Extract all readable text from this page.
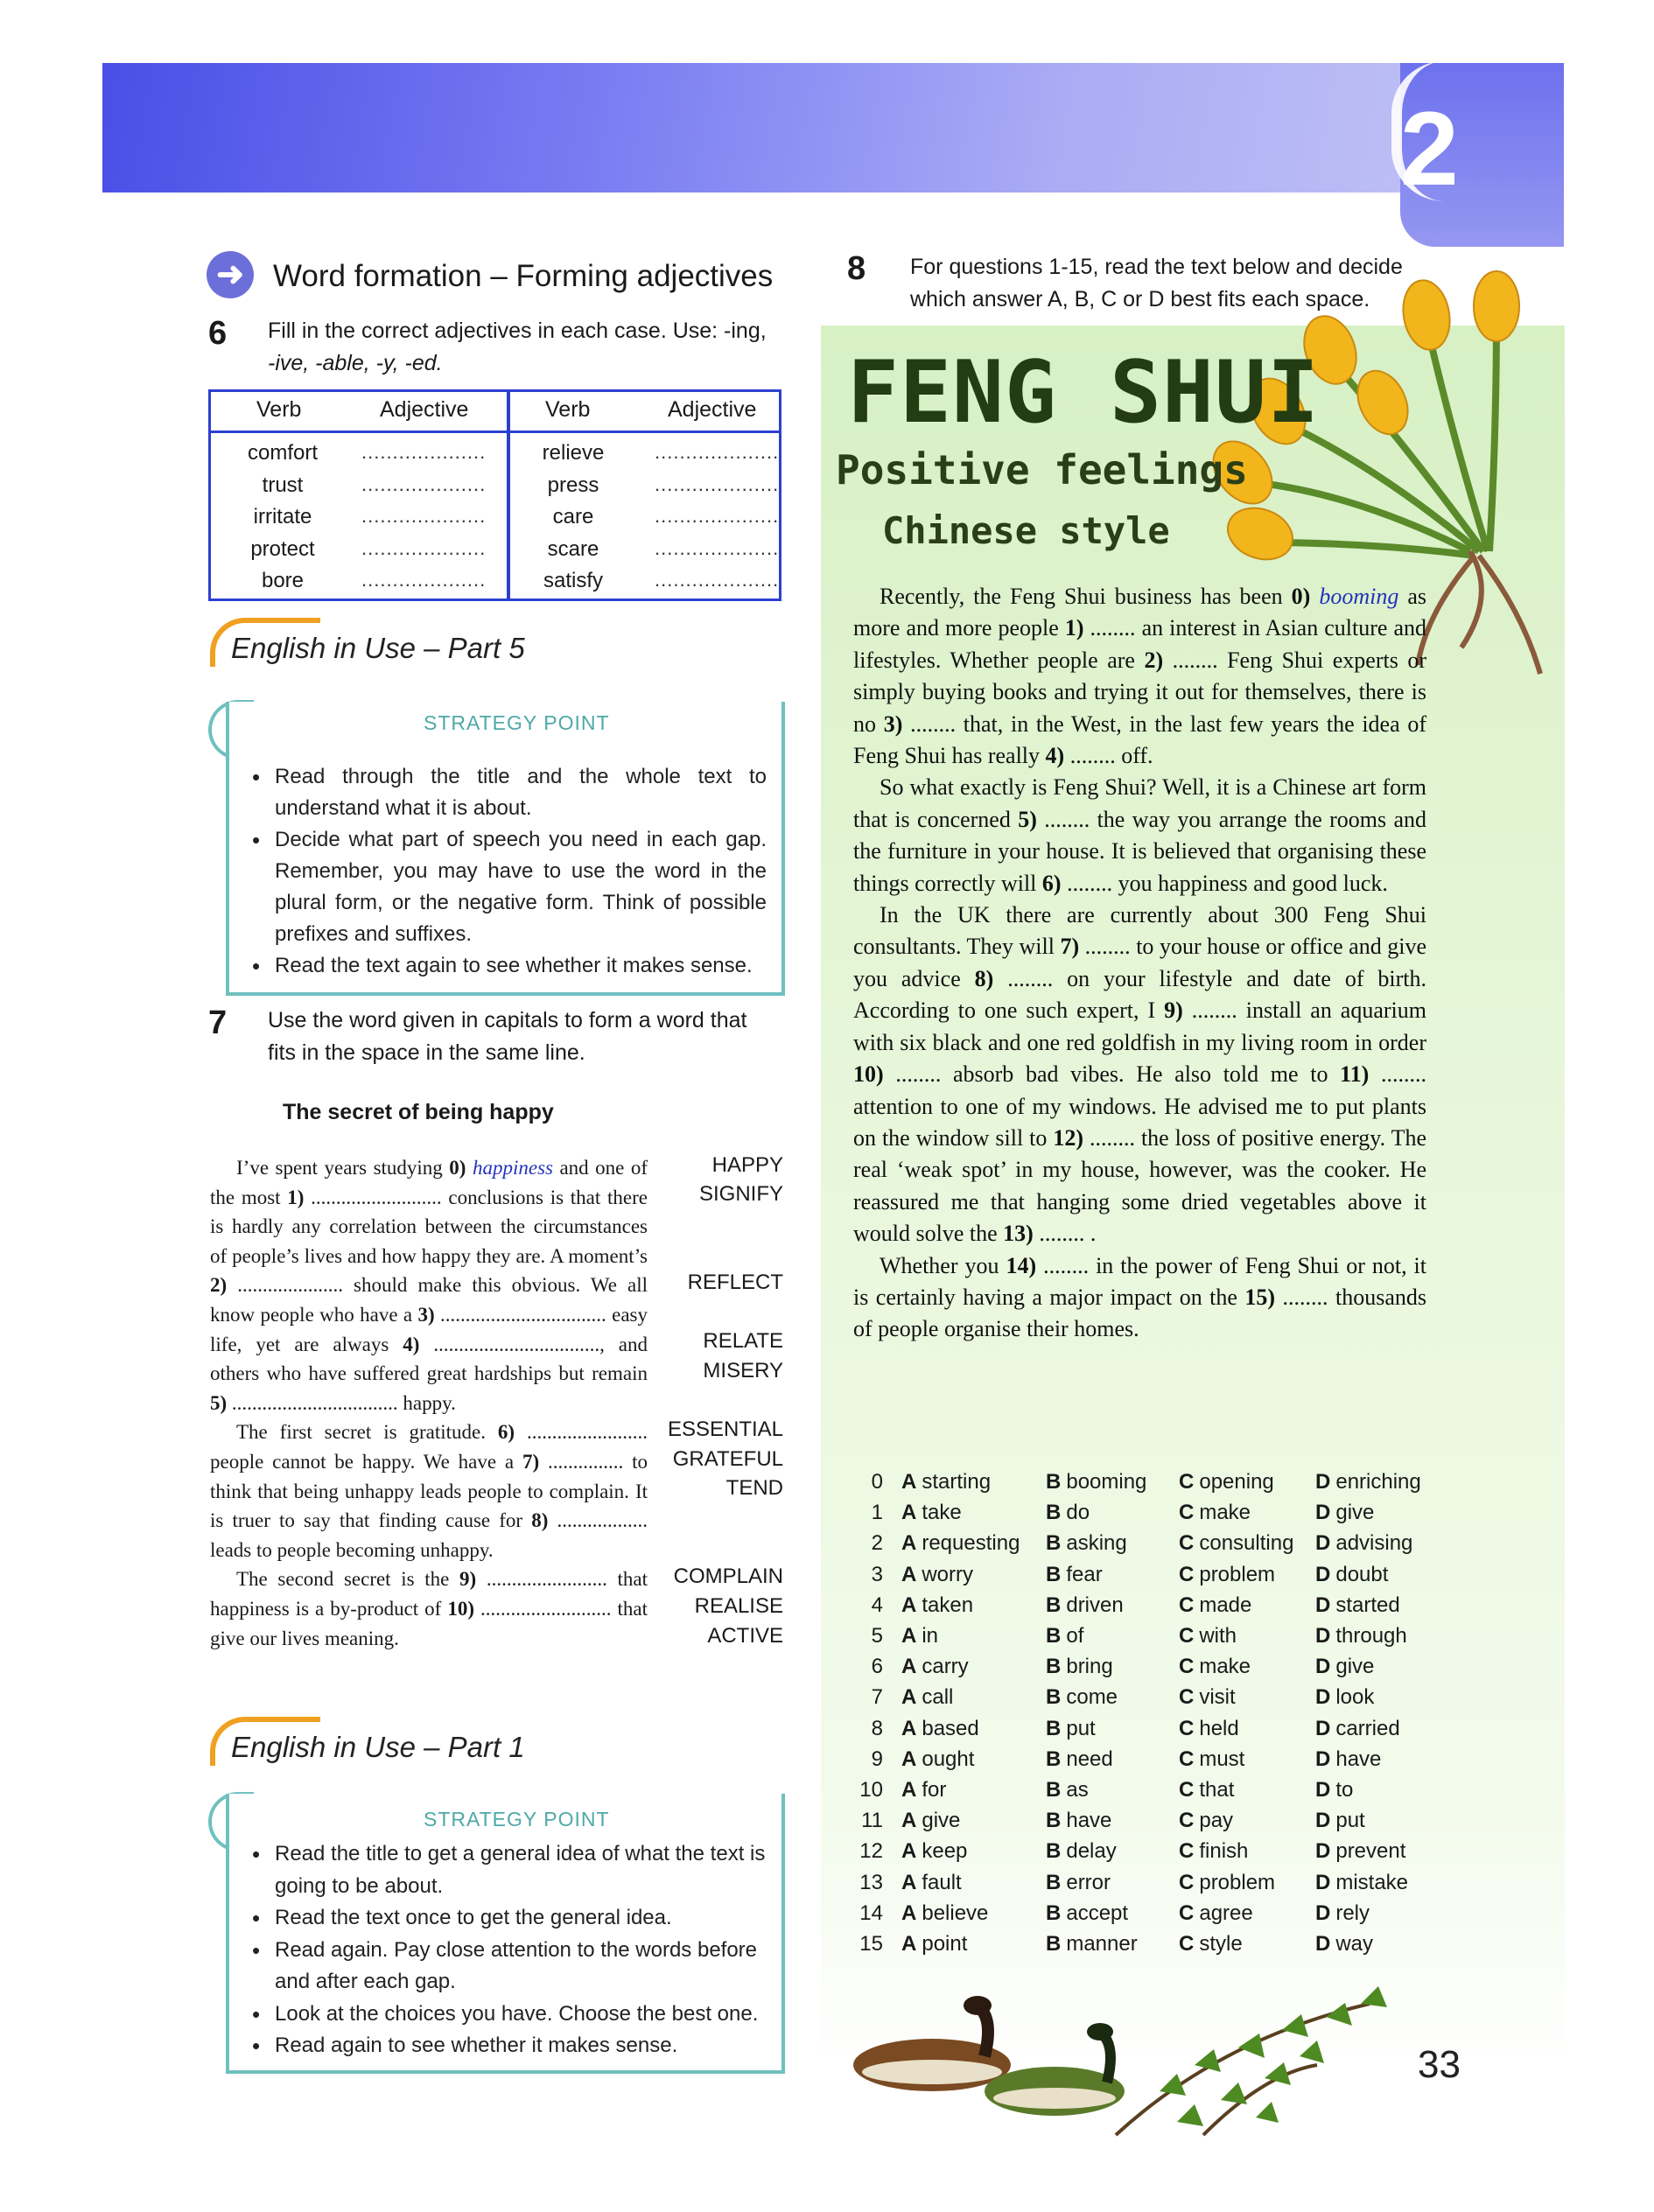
2
➜ Word formation – Forming adjectives
6 Fill in the correct adjectives in each case. Use: -ing,
-ive, -able, -y, -ed.
Verb	Adjective
comfort	....................
trust	....................
irritate	....................
protect	....................
bore	....................
Verb	Adjective
relieve	....................
press	....................
care	....................
scare	....................
satisfy	....................
English in Use – Part 5
STRATEGY POINT
• Read through the title and the whole text to understand what it is about.
• Decide what part of speech you need in each gap. Remember, you may have to use the word in the plural form, or the negative form. Think of possible prefixes and suffixes.
• Read the text again to see whether it makes sense.
7 Use the word given in capitals to form a word that
fits in the space in the same line.
The secret of being happy

I’ve spent years studying 0) happiness and one of the most 1) .......................... conclusions is that there is hardly any correlation between the circumstances of people’s lives and how happy they are. A moment’s 2) ..................... should make this obvious. We all know people who have a 3) ................................. easy life, yet are always 4) ................................., and others who have suffered great hardships but remain 5) ................................. happy.

The first secret is gratitude. 6) ........................ people cannot be happy. We have a 7) ............... to think that being unhappy leads people to complain. It is truer to say that finding cause for 8) .................. leads to people becoming unhappy.

The second secret is the 9) ........................ that happiness is a by-product of 10) .......................... that give our lives meaning.

HAPPY
SIGNIFY
REFLECT
RELATE
MISERY
ESSENTIAL
GRATEFUL
TEND
COMPLAIN
REALISE
ACTIVE
English in Use – Part 1
STRATEGY POINT
• Read the title to get a general idea of what the text is going to be about.
• Read the text once to get the general idea.
• Read again. Pay close attention to the words before and after each gap.
• Look at the choices you have. Choose the best one.
• Read again to see whether it makes sense.
8 For questions 1-15, read the text below and decide
which answer A, B, C or D best fits each space.
FENG SHUI
Positive feelings
Chinese style

Recently, the Feng Shui business has been 0) booming as more and more people 1) ........ an interest in Asian culture and lifestyles. Whether people are 2) ........ Feng Shui experts or simply buying books and trying it out for themselves, there is no 3) ........ that, in the West, in the last few years the idea of Feng Shui has really 4) ........ off.

So what exactly is Feng Shui? Well, it is a Chinese art form that is concerned 5) ........ the way you arrange the rooms and the furniture in your house. It is believed that organising these things correctly will 6) ........ you happiness and good luck.

In the UK there are currently about 300 Feng Shui consultants. They will 7) ........ to your house or office and give you advice 8) ........ on your lifestyle and date of birth. According to one such expert, I 9) ........ install an aquarium with six black and one red goldfish in my living room in order 10) ........ absorb bad vibes. He also told me to 11) ........ attention to one of my windows. He advised me to put plants on the window sill to 12) ........ the loss of positive energy. The real ‘weak spot’ in my house, however, was the cooker. He reassured me that hanging some dried vegetables above it would solve the 13) ........ .

Whether you 14) ........ in the power of Feng Shui or not, it is certainly having a major impact on the 15) ........ thousands of people organise their homes.

0 A starting	B booming C opening D enriching
1 A take	B do	C make	D give
2 A requesting B asking C consulting D advising
3 A worry	B fear	C problem D doubt
4 A taken	B driven	C made	D started
5 A in	B of	C with	D through
6 A carry	B bring	C make	D give
7 A call	B come	C visit	D look
8 A based	B put	C held	D carried
9 A ought	B need	C must	D have
10 A for	B as	C that	D to
11 A give	B have	C pay	D put
12 A keep	B delay	C finish	D prevent
13 A fault	B error	C problem D mistake
14 A believe	B accept C agree	D rely
15 A point	B manner C style	D way
33
